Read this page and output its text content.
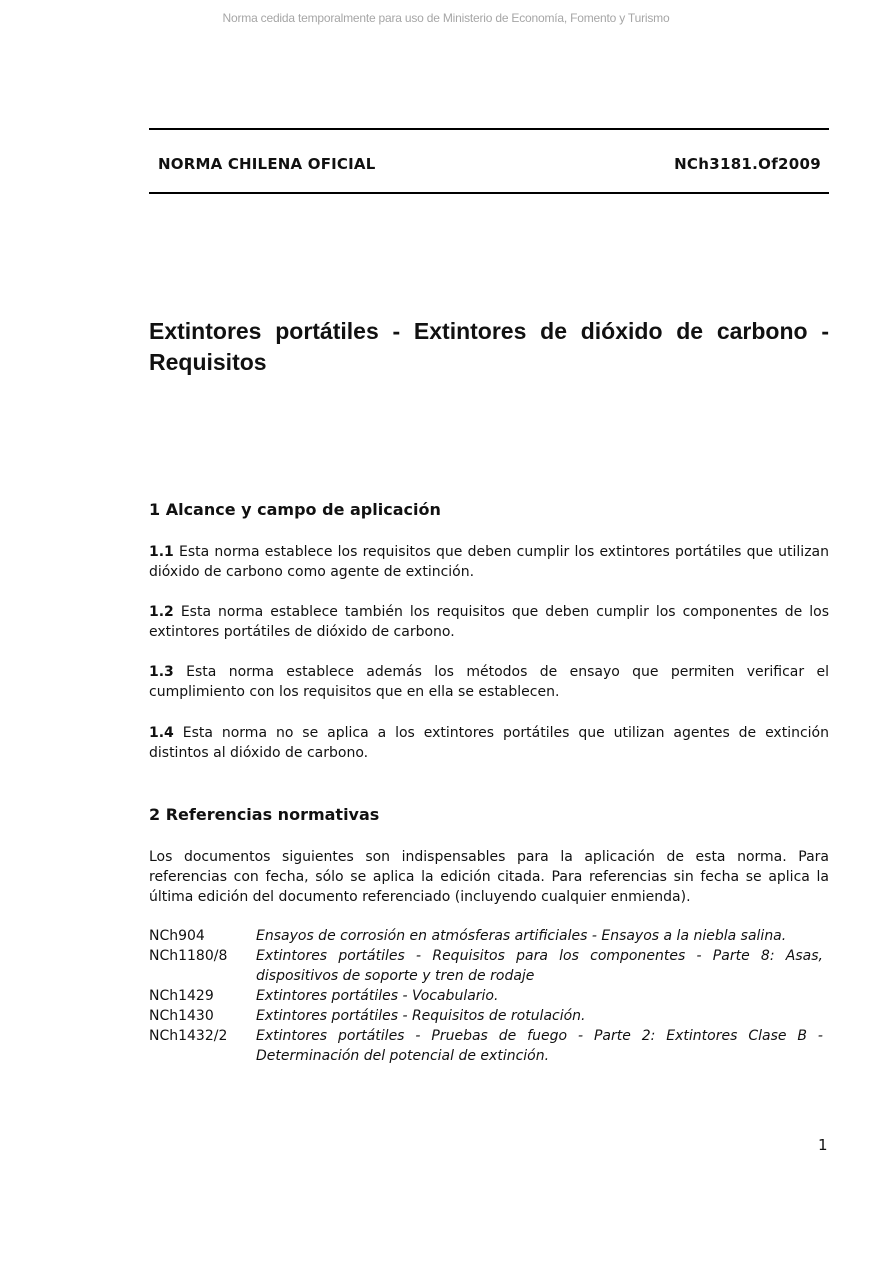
Norma cedida temporalmente para uso de Ministerio de Economía, Fomento y Turismo
NORMA CHILENA OFICIAL	NCh3181.Of2009
Extintores portátiles - Extintores de dióxido de carbono - Requisitos
1 Alcance y campo de aplicación

1.1 Esta norma establece los requisitos que deben cumplir los extintores portátiles que utilizan dióxido de carbono como agente de extinción.

1.2 Esta norma establece también los requisitos que deben cumplir los componentes de los extintores portátiles de dióxido de carbono.

1.3 Esta norma establece además los métodos de ensayo que permiten verificar el cumplimiento con los requisitos que en ella se establecen.

1.4 Esta norma no se aplica a los extintores portátiles que utilizan agentes de extinción distintos al dióxido de carbono.

2 Referencias normativas

Los documentos siguientes son indispensables para la aplicación de esta norma. Para referencias con fecha, sólo se aplica la edición citada. Para referencias sin fecha se aplica la última edición del documento referenciado (incluyendo cualquier enmienda).

NCh904	Ensayos de corrosión en atmósferas artificiales - Ensayos a la niebla salina.
NCh1180/8	Extintores portátiles - Requisitos para los componentes - Parte 8: Asas, dispositivos de soporte y tren de rodaje
NCh1429	Extintores portátiles - Vocabulario.
NCh1430	Extintores portátiles - Requisitos de rotulación.
NCh1432/2	Extintores portátiles - Pruebas de fuego - Parte 2: Extintores Clase B - Determinación del potencial de extinción.
1
